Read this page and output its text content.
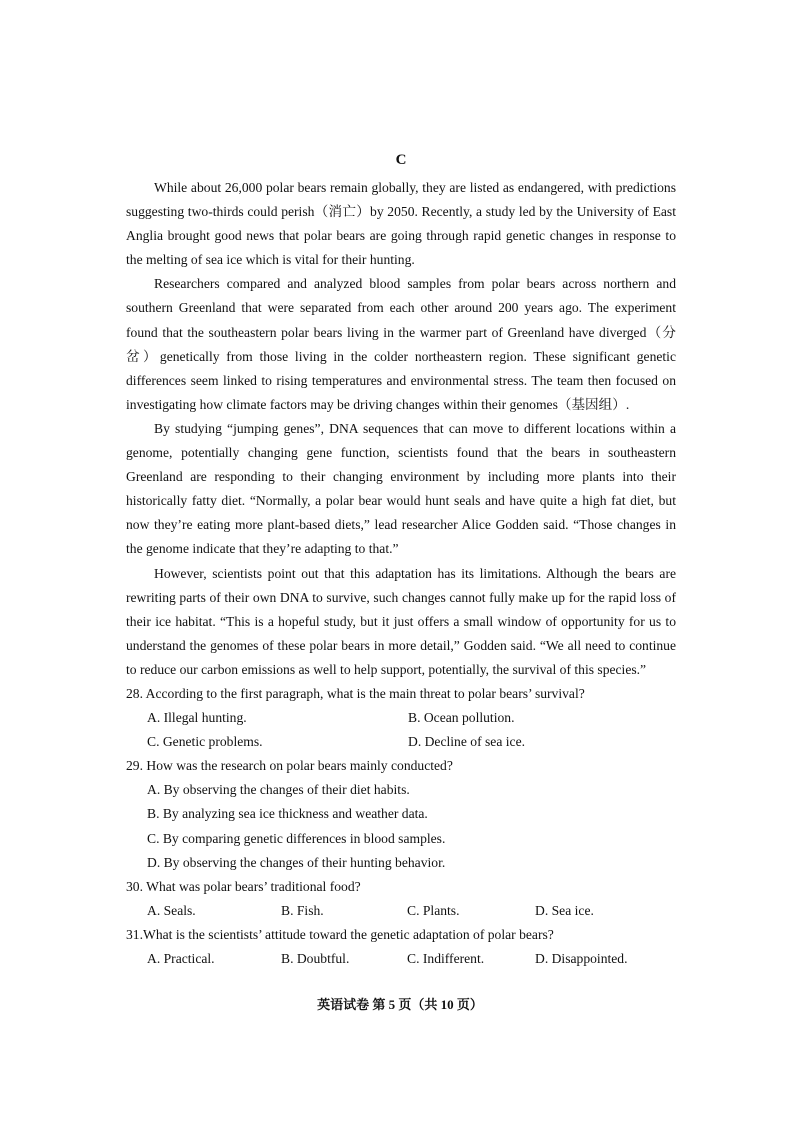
C

While about 26,000 polar bears remain globally, they are listed as endangered, with predictions suggesting two-thirds could perish（消亡）by 2050. Recently, a study led by the University of East Anglia brought good news that polar bears are going through rapid genetic changes in response to the melting of sea ice which is vital for their hunting.

Researchers compared and analyzed blood samples from polar bears across northern and southern Greenland that were separated from each other around 200 years ago. The experiment found that the southeastern polar bears living in the warmer part of Greenland have diverged（分岔）genetically from those living in the colder northeastern region. These significant genetic differences seem linked to rising temperatures and environmental stress. The team then focused on investigating how climate factors may be driving changes within their genomes（基因组）.

By studying “jumping genes”, DNA sequences that can move to different locations within a genome, potentially changing gene function, scientists found that the bears in southeastern Greenland are responding to their changing environment by including more plants into their historically fatty diet. “Normally, a polar bear would hunt seals and have quite a high fat diet, but now they’re eating more plant-based diets,” lead researcher Alice Godden said. “Those changes in the genome indicate that they’re adapting to that.”

However, scientists point out that this adaptation has its limitations. Although the bears are rewriting parts of their own DNA to survive, such changes cannot fully make up for the rapid loss of their ice habitat. “This is a hopeful study, but it just offers a small window of opportunity for us to understand the genomes of these polar bears in more detail,” Godden said. “We all need to continue to reduce our carbon emissions as well to help support, potentially, the survival of this species.”

28. According to the first paragraph, what is the main threat to polar bears’ survival?
A. Illegal hunting.	B. Ocean pollution.
C. Genetic problems.	D. Decline of sea ice.
29. How was the research on polar bears mainly conducted?
A. By observing the changes of their diet habits.
B. By analyzing sea ice thickness and weather data.
C. By comparing genetic differences in blood samples.
D. By observing the changes of their hunting behavior.
30. What was polar bears’ traditional food?
A. Seals.	B. Fish.	C. Plants.	D. Sea ice.
31.What is the scientists’ attitude toward the genetic adaptation of polar bears?
A. Practical.	B. Doubtful.	C. Indifferent.	D. Disappointed.
英语试卷 第 5 页（共 10 页）
